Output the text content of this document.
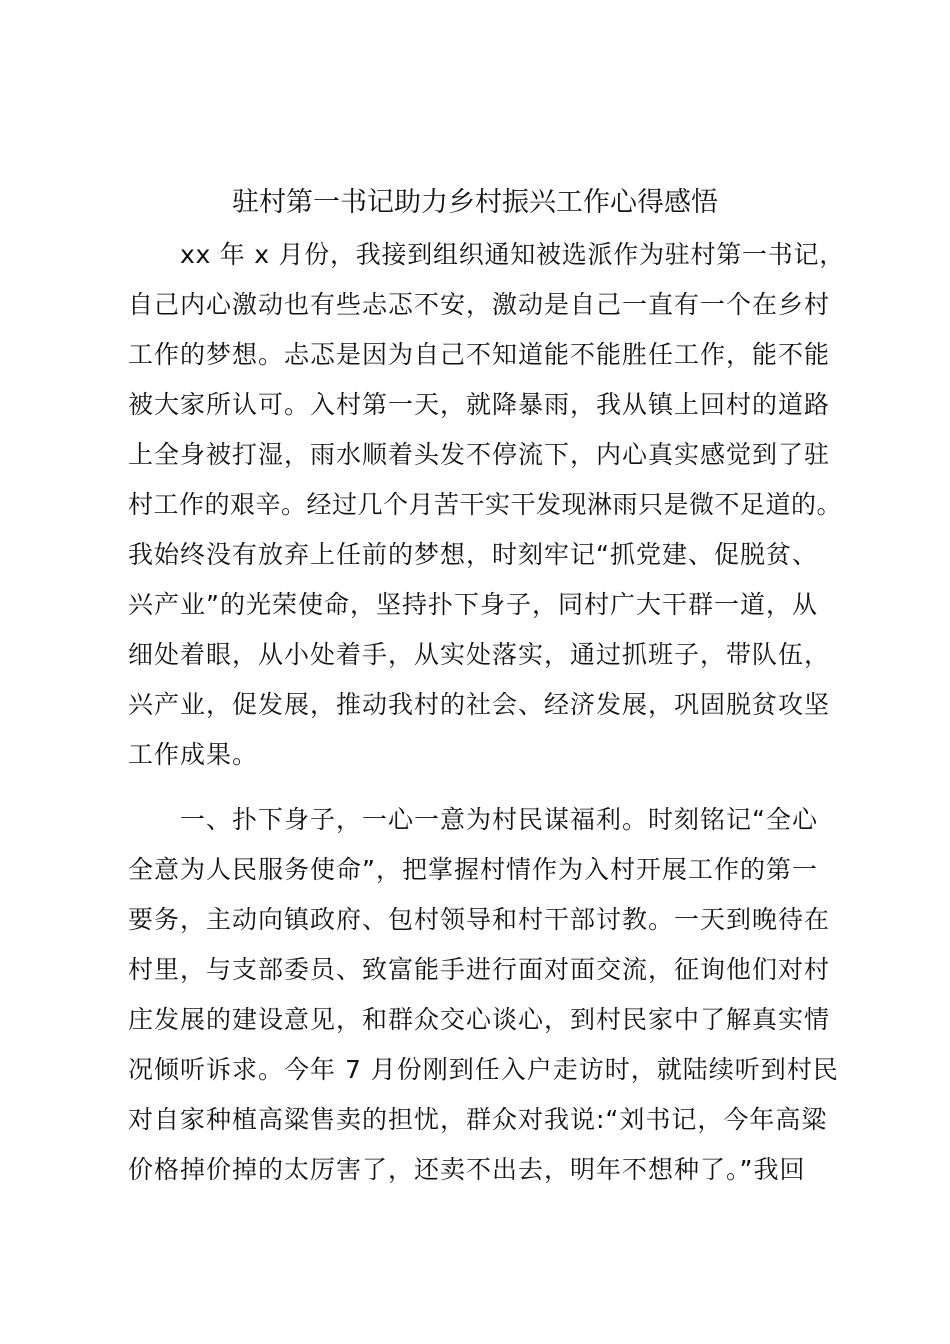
驻村第一书记助力乡村振兴工作心得感悟
xx 年 x 月份，我接到组织通知被选派作为驻村第一书记，
自己内心激动也有些忐忑不安，激动是自己一直有一个在乡村
工作的梦想。忐忑是因为自己不知道能不能胜任工作，能不能
被大家所认可。入村第一天，就降暴雨，我从镇上回村的道路
上全身被打湿，雨水顺着头发不停流下，内心真实感觉到了驻
村工作的艰辛。经过几个月苦干实干发现淋雨只是微不足道的。
我始终没有放弃上任前的梦想，时刻牢记“抓党建、促脱贫、
兴产业”的光荣使命，坚持扑下身子，同村广大干群一道，从
细处着眼，从小处着手，从实处落实，通过抓班子，带队伍，
兴产业，促发展，推动我村的社会、经济发展，巩固脱贫攻坚
工作成果。
一、扑下身子，一心一意为村民谋福利。时刻铭记“全心
全意为人民服务使命”，把掌握村情作为入村开展工作的第一
要务，主动向镇政府、包村领导和村干部讨教。一天到晚待在
村里，与支部委员、致富能手进行面对面交流，征询他们对村
庄发展的建设意见，和群众交心谈心，到村民家中了解真实情
况倾听诉求。今年 7 月份刚到任入户走访时，就陆续听到村民
对自家种植高粱售卖的担忧，群众对我说:“刘书记，今年高粱
价格掉价掉的太厉害了，还卖不出去，明年不想种了。”我回
